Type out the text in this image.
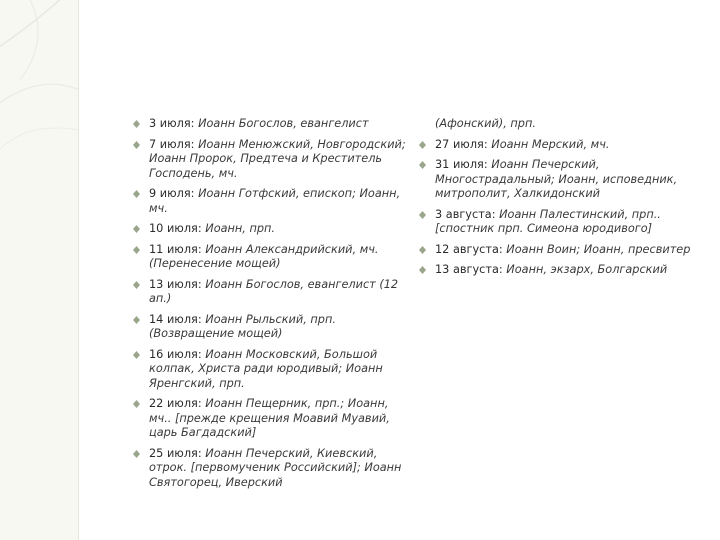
3 июля: Иоанн Богослов, евангелист
7 июля: Иоанн Менюжский, Новгородский; Иоанн Пророк, Предтеча и Креститель Господень, мч.
9 июля: Иоанн Готфский, епископ; Иоанн, мч.
10 июля: Иоанн, прп.
11 июля: Иоанн Александрийский, мч. (Перенесение мощей)
13 июля: Иоанн Богослов, евангелист (12 ап.)
14 июля: Иоанн Рыльский, прп. (Возвращение мощей)
16 июля: Иоанн Московский, Большой колпак, Христа ради юродивый; Иоанн Яренгский, прп.
22 июля: Иоанн Пещерник, прп.; Иоанн, мч.. [прежде крещения Моавий Муавий, царь Багдадский]
25 июля: Иоанн Печерский, Киевский, отрок. [первомученик Российский]; Иоанн Святогорец, Иверский
(Афонский), прп.
27 июля: Иоанн Мерский, мч.
31 июля: Иоанн Печерский, Многострадальный; Иоанн, исповедник, митрополит, Халкидонский
3 августа: Иоанн Палестинский, прп.. [спостник прп. Симеона юродивого]
12 августа: Иоанн Воин; Иоанн, пресвитер
13 августа: Иоанн, экзарх, Болгарский
